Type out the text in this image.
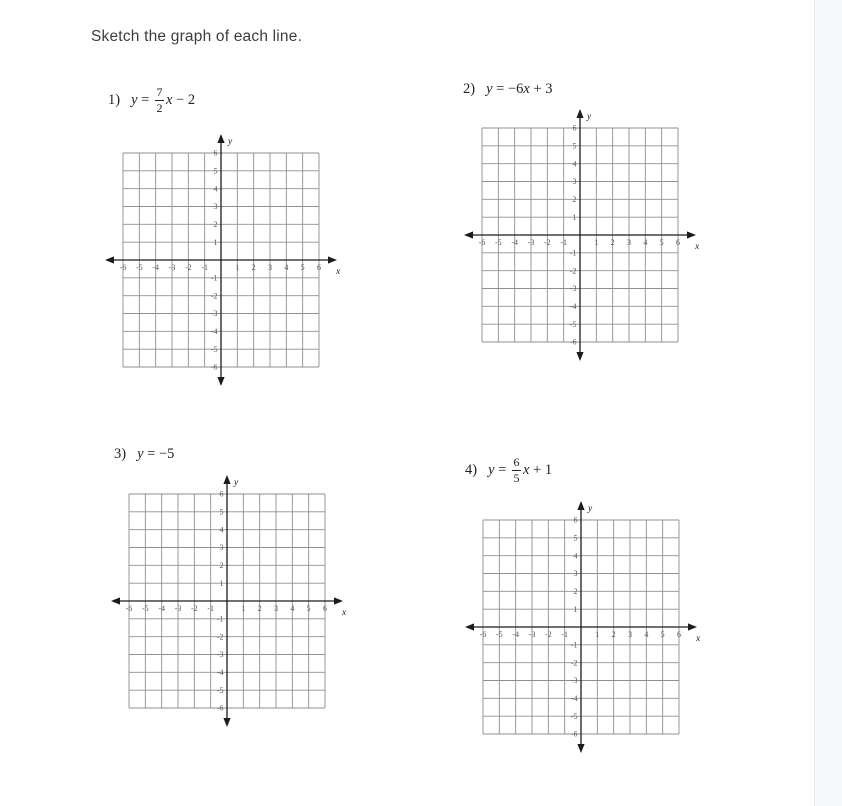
Sketch the graph of each line.
1) $y = \frac{7}{2}$ x − 2
-6 -5 -4 -3 -2 -1	1 2 3 4 5 6
6
5
4
3
2
1
-1
-2
-3
-4
-5
-6
x
y
2) y = −6 x + 3
-6 -5 -4 -3 -2 -1	1 2 3 4 5 6
6
5
4
3
2
1
-1
-2
-3
-4
-5
-6
x
y
3) y = −5
-6 -5 -4 -3 -2 -1	1 2 3 4 5 6
6
5
4
3
2
1
-1
-2
-3
-4
-5
-6
x
y
4) $y = \frac{6}{5}$ x + 1
-6 -5 -4 -3 -2 -1	1 2 3 4 5 6
6
5
4
3
2
1
-1
-2
-3
-4
-5
-6
x
y
